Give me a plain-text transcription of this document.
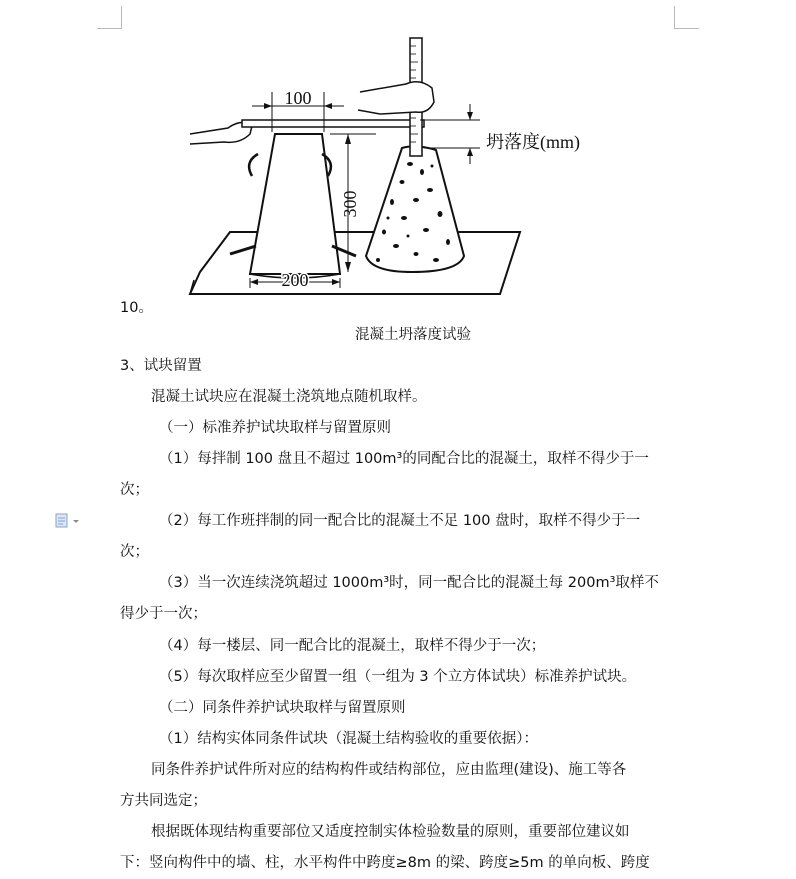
100
300
200
坍落度(mm)
10。
混凝土坍落度试验
3、试块留置
混凝土试块应在混凝土浇筑地点随机取样。
（一）标准养护试块取样与留置原则
（1）每拌制 100 盘且不超过 100m³的同配合比的混凝土，取样不得少于一
次；
（2）每工作班拌制的同一配合比的混凝土不足 100 盘时，取样不得少于一
次；
（3）当一次连续浇筑超过 1000m³时，同一配合比的混凝土每 200m³取样不
得少于一次；
（4）每一楼层、同一配合比的混凝土，取样不得少于一次；
（5）每次取样应至少留置一组（一组为 3 个立方体试块）标准养护试块。
（二）同条件养护试块取样与留置原则
（1）结构实体同条件试块（混凝土结构验收的重要依据）：
同条件养护试件所对应的结构构件或结构部位，应由监理(建设)、施工等各
方共同选定；
根据既体现结构重要部位又适度控制实体检验数量的原则，重要部位建议如
下：竖向构件中的墙、柱，水平构件中跨度≥8m 的梁、跨度≥5m 的单向板、跨度
